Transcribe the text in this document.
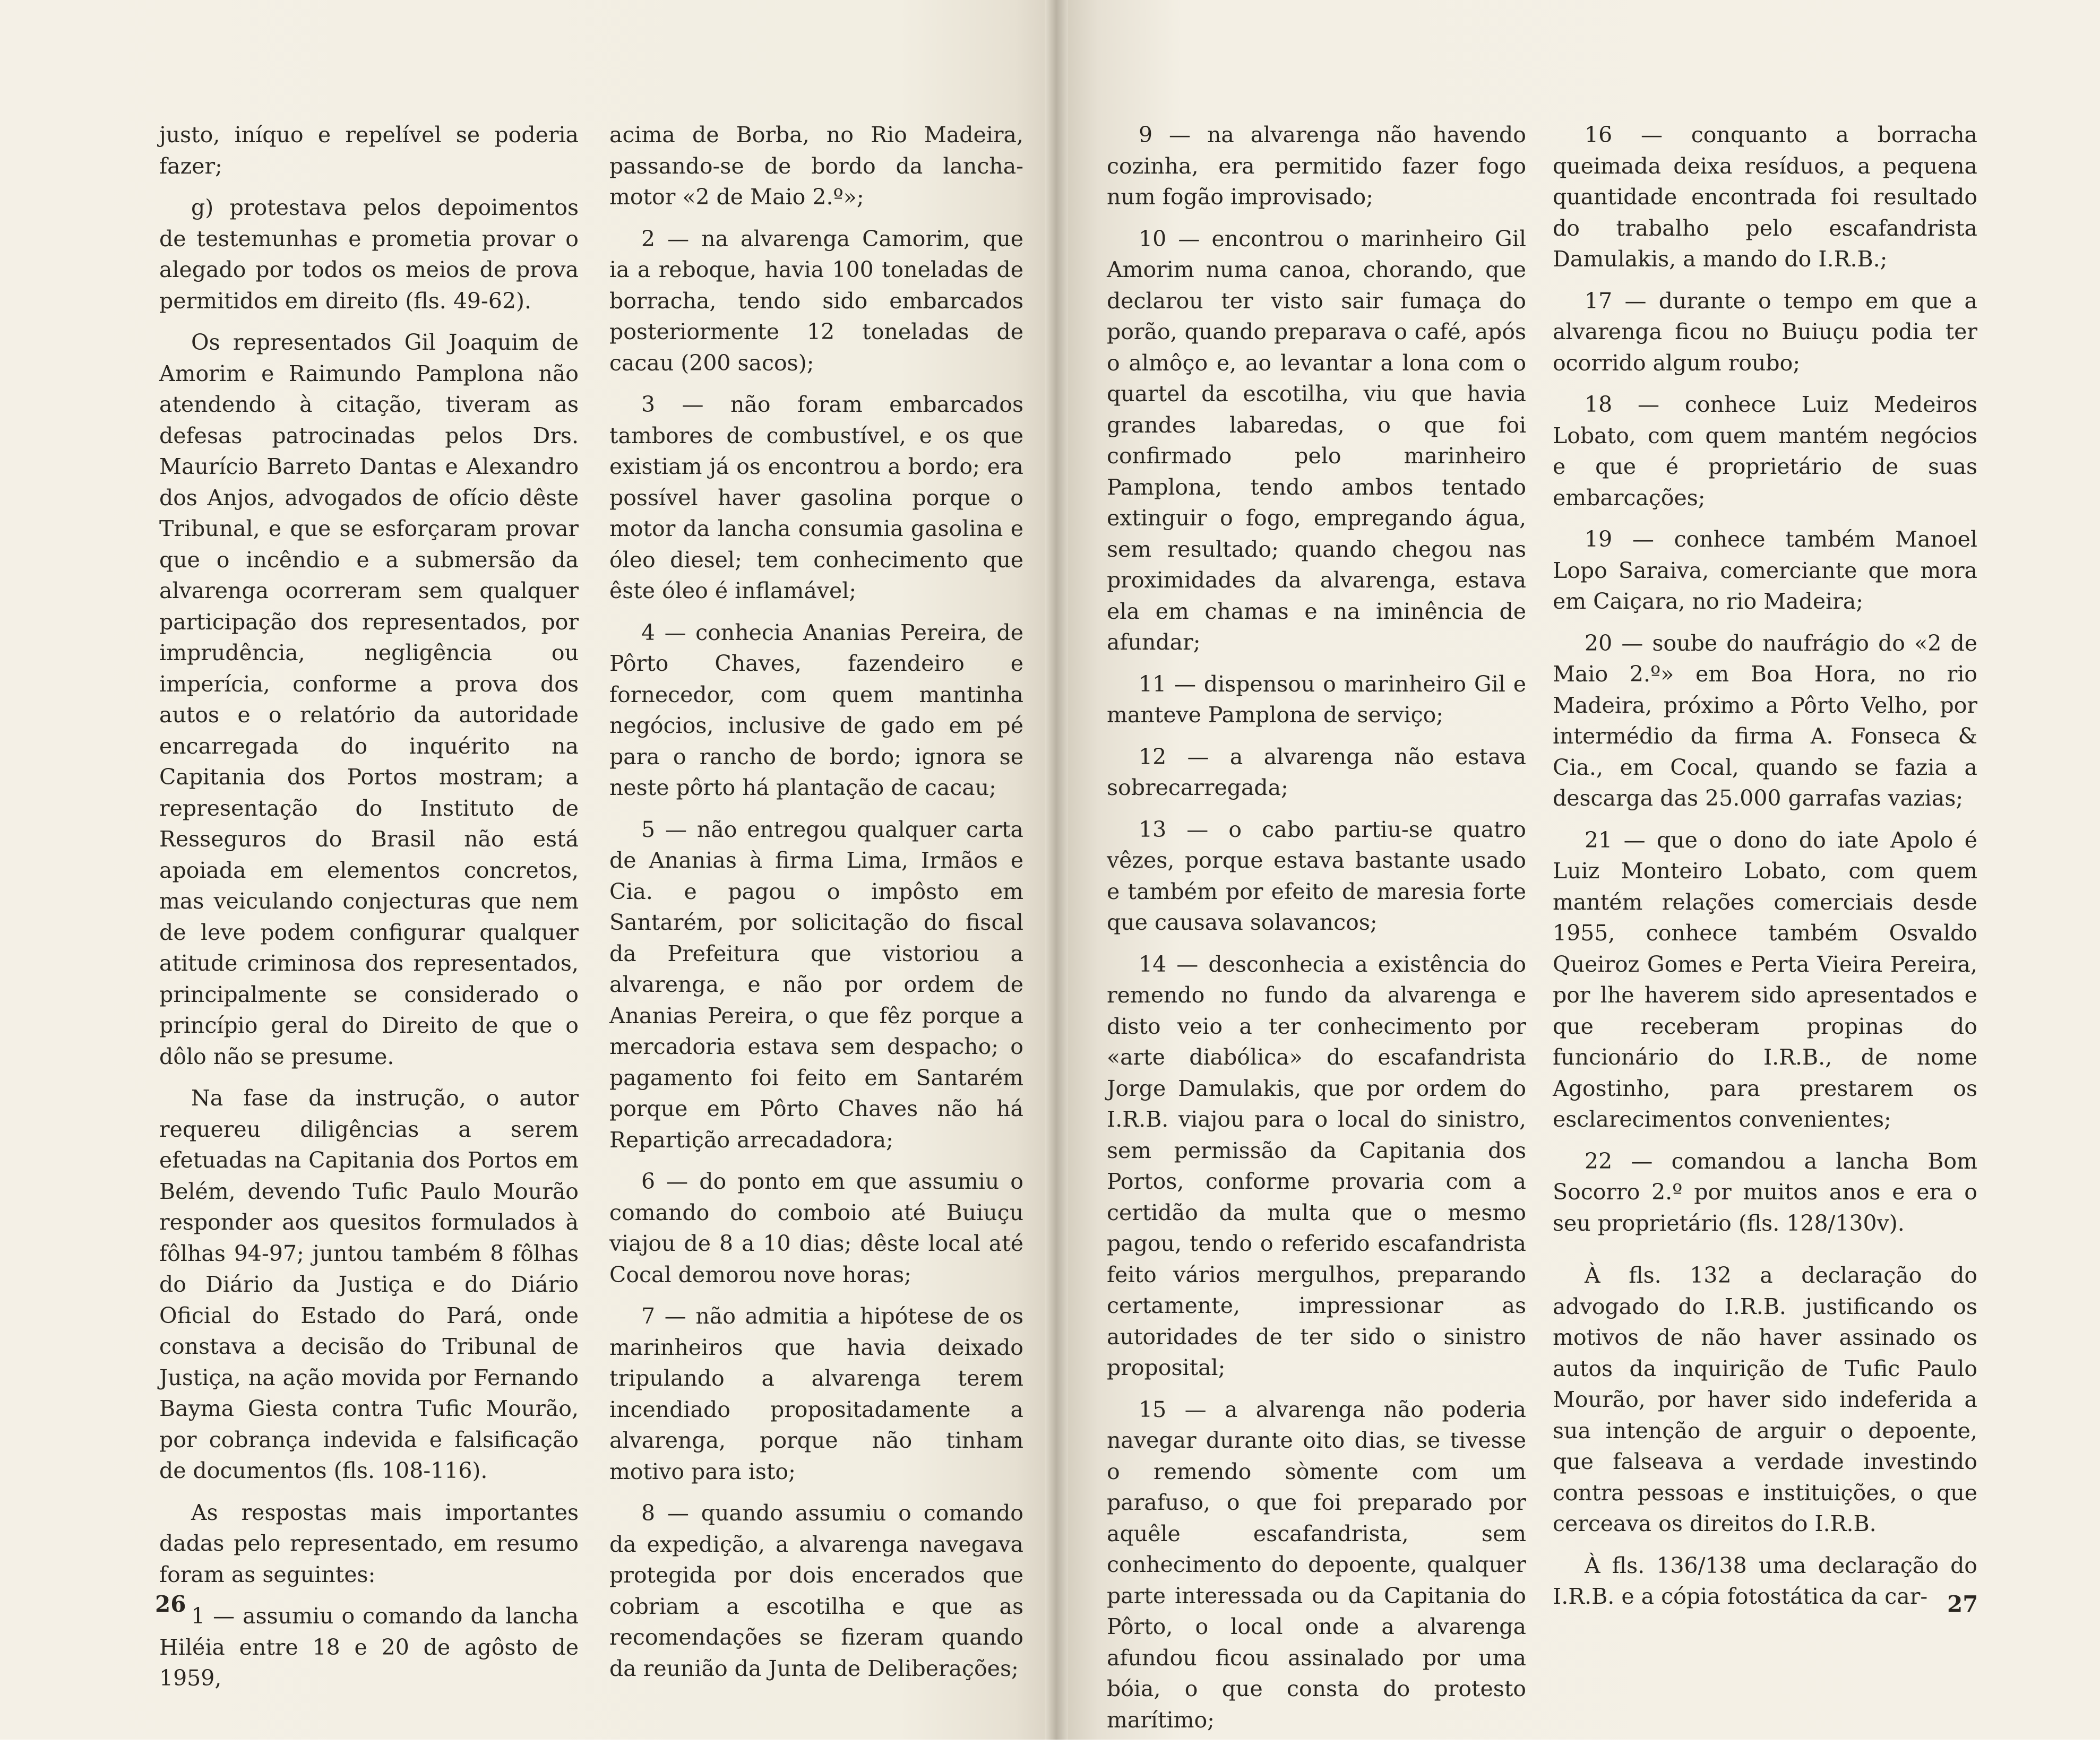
justo, iníquo e repelível se poderia fazer;

g) protestava pelos depoimentos de testemunhas e prometia provar o alegado por todos os meios de prova permitidos em direito (fls. 49-62).

Os representados Gil Joaquim de Amorim e Raimundo Pamplona não atendendo à citação, tiveram as defesas patrocinadas pelos Drs. Maurício Barreto Dantas e Alexandro dos Anjos, advogados de ofício dêste Tribunal, e que se esforçaram provar que o incêndio e a submersão da alvarenga ocorreram sem qualquer participação dos representados, por imprudência, negligência ou imperícia, conforme a prova dos autos e o relatório da autoridade encarregada do inquérito na Capitania dos Portos mostram; a representação do Instituto de Resseguros do Brasil não está apoiada em elementos concretos, mas veiculando conjecturas que nem de leve podem configurar qualquer atitude criminosa dos representados, principalmente se considerado o princípio geral do Direito de que o dôlo não se presume.

Na fase da instrução, o autor requereu diligências a serem efetuadas na Capitania dos Portos em Belém, devendo Tufic Paulo Mourão responder aos quesitos formulados à fôlhas 94-97; juntou também 8 fôlhas do Diário da Justiça e do Diário Oficial do Estado do Pará, onde constava a decisão do Tribunal de Justiça, na ação movida por Fernando Bayma Giesta contra Tufic Mourão, por cobrança indevida e falsificação de documentos (fls. 108-116).

As respostas mais importantes dadas pelo representado, em resumo foram as seguintes:

1 — assumiu o comando da lancha Hiléia entre 18 e 20 de agôsto de 1959,

acima de Borba, no Rio Madeira, passando-se de bordo da lancha-motor «2 de Maio 2.º»;

2 — na alvarenga Camorim, que ia a reboque, havia 100 toneladas de borracha, tendo sido embarcados posteriormente 12 toneladas de cacau (200 sacos);

3 — não foram embarcados tambores de combustível, e os que existiam já os encontrou a bordo; era possível haver gasolina porque o motor da lancha consumia gasolina e óleo diesel; tem conhecimento que êste óleo é inflamável;

4 — conhecia Ananias Pereira, de Pôrto Chaves, fazendeiro e fornecedor, com quem mantinha negócios, inclusive de gado em pé para o rancho de bordo; ignora se neste pôrto há plantação de cacau;

5 — não entregou qualquer carta de Ananias à firma Lima, Irmãos e Cia. e pagou o impôsto em Santarém, por solicitação do fiscal da Prefeitura que vistoriou a alvarenga, e não por ordem de Ananias Pereira, o que fêz porque a mercadoria estava sem despacho; o pagamento foi feito em Santarém porque em Pôrto Chaves não há Repartição arrecadadora;

6 — do ponto em que assumiu o comando do comboio até Buiuçu viajou de 8 a 10 dias; dêste local até Cocal demorou nove horas;

7 — não admitia a hipótese de os marinheiros que havia deixado tripulando a alvarenga terem incendiado propositadamente a alvarenga, porque não tinham motivo para isto;

8 — quando assumiu o comando da expedição, a alvarenga navegava protegida por dois encerados que cobriam a escotilha e que as recomendações se fizeram quando da reunião da Junta de Deliberações;

26

9 — na alvarenga não havendo cozinha, era permitido fazer fogo num fogão improvisado;

10 — encontrou o marinheiro Gil Amorim numa canoa, chorando, que declarou ter visto sair fumaça do porão, quando preparava o café, após o almôço e, ao levantar a lona com o quartel da escotilha, viu que havia grandes labaredas, o que foi confirmado pelo marinheiro Pamplona, tendo ambos tentado extinguir o fogo, empregando água, sem resultado; quando chegou nas proximidades da alvarenga, estava ela em chamas e na iminência de afundar;

11 — dispensou o marinheiro Gil e manteve Pamplona de serviço;

12 — a alvarenga não estava sobrecarregada;

13 — o cabo partiu-se quatro vêzes, porque estava bastante usado e também por efeito de maresia forte que causava solavancos;

14 — desconhecia a existência do remendo no fundo da alvarenga e disto veio a ter conhecimento por «arte diabólica» do escafandrista Jorge Damulakis, que por ordem do I.R.B. viajou para o local do sinistro, sem permissão da Capitania dos Portos, conforme provaria com a certidão da multa que o mesmo pagou, tendo o referido escafandrista feito vários mergulhos, preparando certamente, impressionar as autoridades de ter sido o sinistro proposital;

15 — a alvarenga não poderia navegar durante oito dias, se tivesse o remendo sòmente com um parafuso, o que foi preparado por aquêle escafandrista, sem conhecimento do depoente, qualquer parte interessada ou da Capitania do Pôrto, o local onde a alvarenga afundou ficou assinalado por uma bóia, o que consta do protesto marítimo;

16 — conquanto a borracha queimada deixa resíduos, a pequena quantidade encontrada foi resultado do trabalho pelo escafandrista Damulakis, a mando do I.R.B.;

17 — durante o tempo em que a alvarenga ficou no Buiuçu podia ter ocorrido algum roubo;

18 — conhece Luiz Medeiros Lobato, com quem mantém negócios e que é proprietário de suas embarcações;

19 — conhece também Manoel Lopo Saraiva, comerciante que mora em Caiçara, no rio Madeira;

20 — soube do naufrágio do «2 de Maio 2.º» em Boa Hora, no rio Madeira, próximo a Pôrto Velho, por intermédio da firma A. Fonseca & Cia., em Cocal, quando se fazia a descarga das 25.000 garrafas vazias;

21 — que o dono do iate Apolo é Luiz Monteiro Lobato, com quem mantém relações comerciais desde 1955, conhece também Osvaldo Queiroz Gomes e Perta Vieira Pereira, por lhe haverem sido apresentados e que receberam propinas do funcionário do I.R.B., de nome Agostinho, para prestarem os esclarecimentos convenientes;

22 — comandou a lancha Bom Socorro 2.º por muitos anos e era o seu proprietário (fls. 128/130v).

À fls. 132 a declaração do advogado do I.R.B. justificando os motivos de não haver assinado os autos da inquirição de Tufic Paulo Mourão, por haver sido indeferida a sua intenção de arguir o depoente, que falseava a verdade investindo contra pessoas e instituições, o que cerceava os direitos do I.R.B.

À fls. 136/138 uma declaração do I.R.B. e a cópia fotostática da car- 27
